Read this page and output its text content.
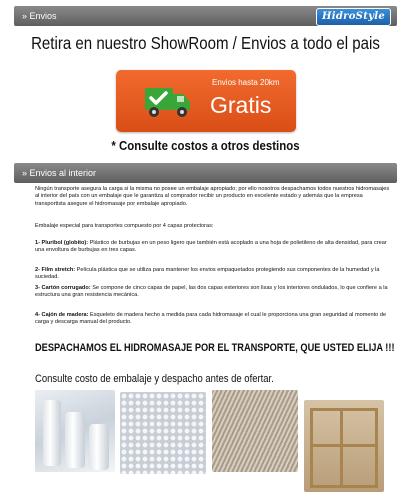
» Envios	HidroStyle
Retira en nuestro ShowRoom / Envios a todo el pais
Envios hasta 20km
Gratis
* Consulte costos a otros destinos
» Envios al interior
Ningún transporte asegura la carga si la misma no posee un embalaje apropiado; por ello nosotros despachamos todos nuestros hidromasajes al interior del país con un embalaje que le garantiza al comprador recibir un producto en excelente estado y además que la empresa transportista asegure el hidromasaje por embalaje apropiado.
Embalaje especial para transportes compuesto por 4 capas protectoras:
1- Pluribol (globito): Plástico de burbujas en un peso ligero que también está acoplado a una hoja de polietileno de alta densidad, para crear una envoltura de burbujas en tres capas.
2- Film stretch: Película plástica que se utiliza para mantener los envios empaquetados protegiendo sus componentes de la humedad y la suciedad.
3- Cartón corrugado: Se compone de cinco capas de papel, las dos capas exteriores son lisas y los interiores ondulados, lo que confiere a la estructura una gran resistencia mecánica.
4- Cajón de madera: Esqueleto de madera hecho a medida para cada hidromasaje el cual le proporciona una gran seguridad al momento de carga y descarga manual del producto.
DESPACHAMOS EL HIDROMASAJE POR EL TRANSPORTE, QUE USTED ELIJA !!!
Consulte costo de embalaje y despacho antes de ofertar.
